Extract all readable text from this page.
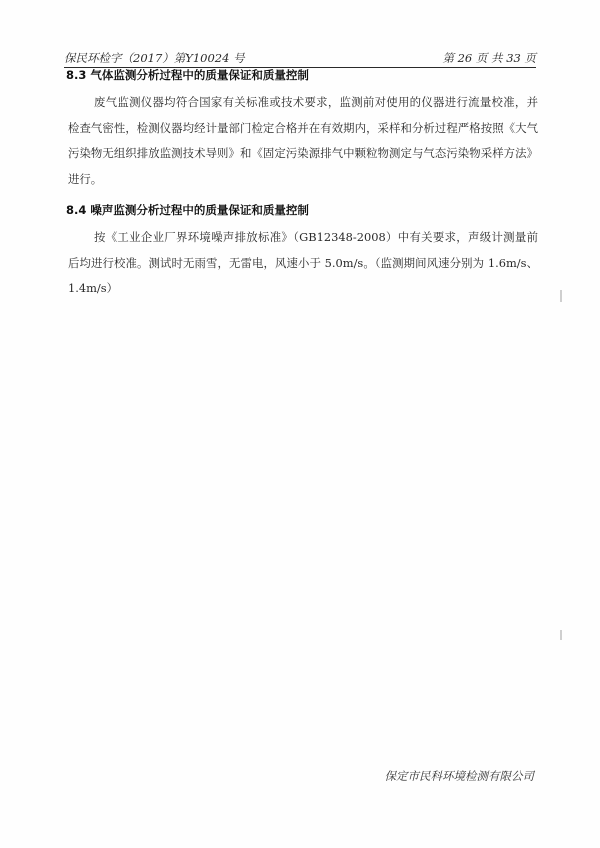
保民环检字（2017）第Y10024 号	第 26 页 共 33 页
8.3 气体监测分析过程中的质量保证和质量控制
废气监测仪器均符合国家有关标准或技术要求，监测前对使用的仪器进行流量校准，并检查气密性，检测仪器均经计量部门检定合格并在有效期内，采样和分析过程严格按照《大气污染物无组织排放监测技术导则》和《固定污染源排气中颗粒物测定与气态污染物采样方法》进行。
8.4 噪声监测分析过程中的质量保证和质量控制
按《工业企业厂界环境噪声排放标准》（GB12348-2008）中有关要求，声级计测量前后均进行校准。测试时无雨雪，无雷电，风速小于 5.0m/s。（监测期间风速分别为 1.6m/s、1.4m/s）
保定市民科环境检测有限公司
